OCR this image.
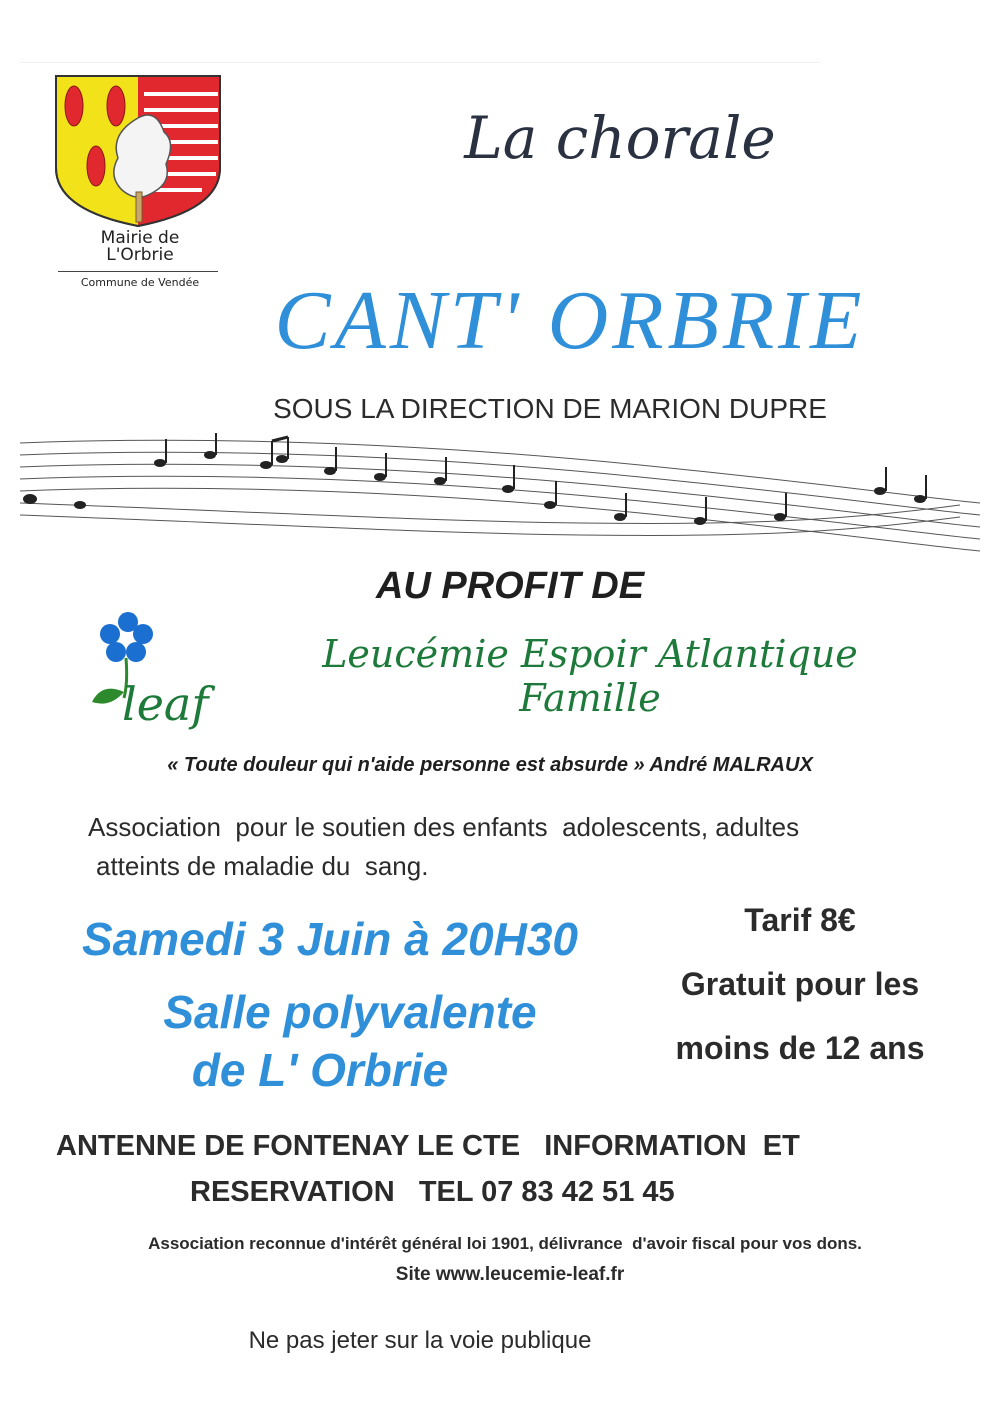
Mairie de
L'Orbrie
Commune de Vendée
La chorale
CANT' ORBRIE
SOUS LA DIRECTION DE MARION DUPRE
AU PROFIT DE
leaf
Leucémie Espoir Atlantique Famille
« Toute douleur qui n'aide personne est absurde » André MALRAUX
Association  pour le soutien des enfants  adolescents, adultes
atteints de maladie du  sang.
Samedi 3 Juin à 20H30
Salle polyvalente
de L' Orbrie
Tarif 8€
Gratuit pour les
moins de 12 ans
ANTENNE DE FONTENAY LE CTE   INFORMATION  ET
RESERVATION   TEL 07 83 42 51 45
Association reconnue d'intérêt général loi 1901, délivrance  d'avoir fiscal pour vos dons.
Site www.leucemie-leaf.fr
Ne pas jeter sur la voie publique
